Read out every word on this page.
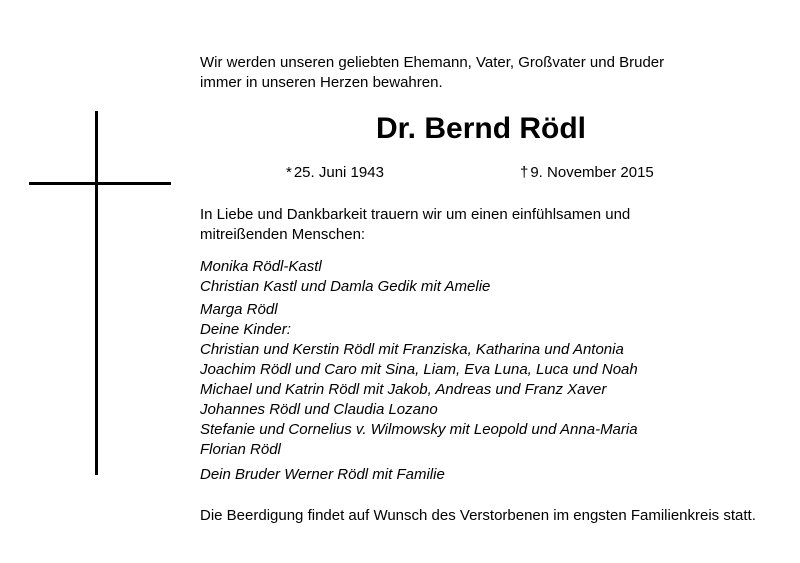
Wir werden unseren geliebten Ehemann, Vater, Großvater und Bruder
immer in unseren Herzen bewahren.
Dr. Bernd Rödl
* 25. Juni 1943	† 9. November 2015
In Liebe und Dankbarkeit trauern wir um einen einfühlsamen und
mitreißenden Menschen:
Monika Rödl-Kastl
Christian Kastl und Damla Gedik mit Amelie
Marga Rödl
Deine Kinder:
Christian und Kerstin Rödl mit Franziska, Katharina und Antonia
Joachim Rödl und Caro mit Sina, Liam, Eva Luna, Luca und Noah
Michael und Katrin Rödl mit Jakob, Andreas und Franz Xaver
Johannes Rödl und Claudia Lozano
Stefanie und Cornelius v. Wilmowsky mit Leopold und Anna-Maria
Florian Rödl
Dein Bruder Werner Rödl mit Familie
Die Beerdigung findet auf Wunsch des Verstorbenen im engsten Familienkreis statt.
